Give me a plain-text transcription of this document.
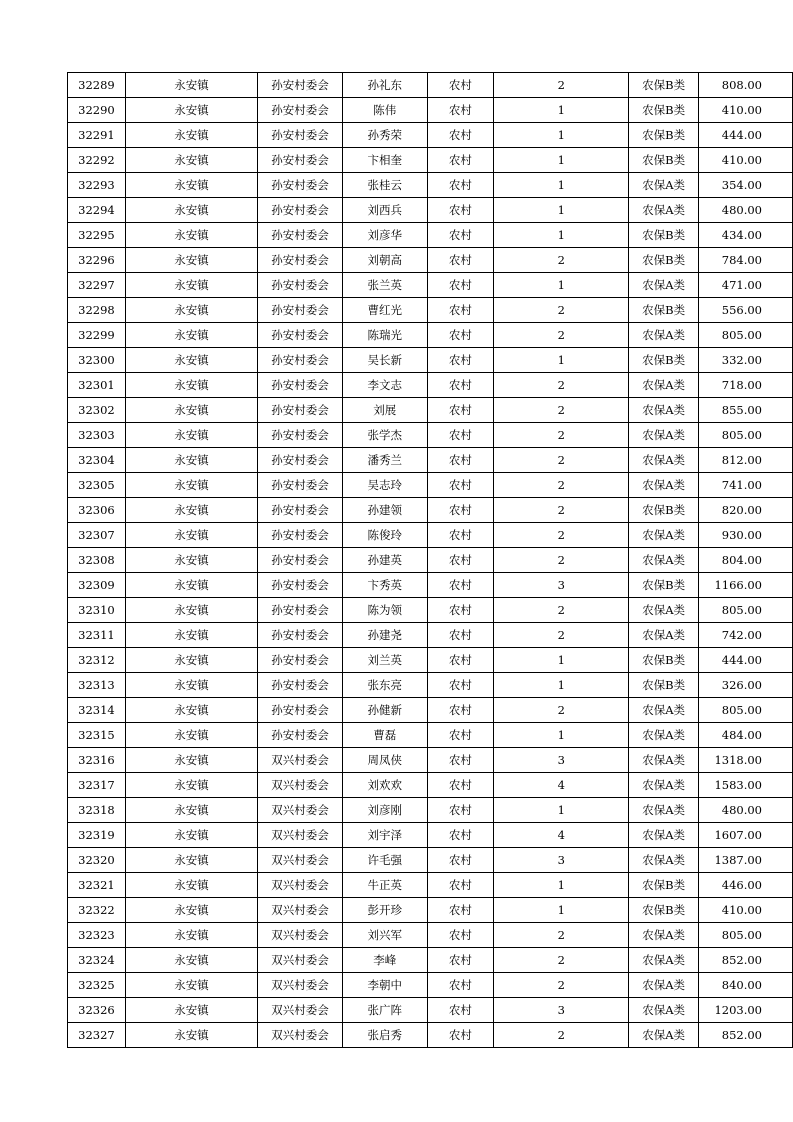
32289	永安镇	孙安村委会	孙礼东	农村	2	农保B类	808.00
32290	永安镇	孙安村委会	陈伟	农村	1	农保B类	410.00
32291	永安镇	孙安村委会	孙秀荣	农村	1	农保B类	444.00
32292	永安镇	孙安村委会	卞相奎	农村	1	农保B类	410.00
32293	永安镇	孙安村委会	张桂云	农村	1	农保A类	354.00
32294	永安镇	孙安村委会	刘西兵	农村	1	农保A类	480.00
32295	永安镇	孙安村委会	刘彦华	农村	1	农保B类	434.00
32296	永安镇	孙安村委会	刘朝高	农村	2	农保B类	784.00
32297	永安镇	孙安村委会	张兰英	农村	1	农保A类	471.00
32298	永安镇	孙安村委会	曹红光	农村	2	农保B类	556.00
32299	永安镇	孙安村委会	陈瑞光	农村	2	农保A类	805.00
32300	永安镇	孙安村委会	吴长新	农村	1	农保B类	332.00
32301	永安镇	孙安村委会	李文志	农村	2	农保A类	718.00
32302	永安镇	孙安村委会	刘展	农村	2	农保A类	855.00
32303	永安镇	孙安村委会	张学杰	农村	2	农保A类	805.00
32304	永安镇	孙安村委会	潘秀兰	农村	2	农保A类	812.00
32305	永安镇	孙安村委会	吴志玲	农村	2	农保A类	741.00
32306	永安镇	孙安村委会	孙建领	农村	2	农保B类	820.00
32307	永安镇	孙安村委会	陈俊玲	农村	2	农保A类	930.00
32308	永安镇	孙安村委会	孙建英	农村	2	农保A类	804.00
32309	永安镇	孙安村委会	卞秀英	农村	3	农保B类	1166.00
32310	永安镇	孙安村委会	陈为领	农村	2	农保A类	805.00
32311	永安镇	孙安村委会	孙建尧	农村	2	农保A类	742.00
32312	永安镇	孙安村委会	刘兰英	农村	1	农保B类	444.00
32313	永安镇	孙安村委会	张东亮	农村	1	农保B类	326.00
32314	永安镇	孙安村委会	孙健新	农村	2	农保A类	805.00
32315	永安镇	孙安村委会	曹磊	农村	1	农保A类	484.00
32316	永安镇	双兴村委会	周凤侠	农村	3	农保A类	1318.00
32317	永安镇	双兴村委会	刘欢欢	农村	4	农保A类	1583.00
32318	永安镇	双兴村委会	刘彦刚	农村	1	农保A类	480.00
32319	永安镇	双兴村委会	刘宇泽	农村	4	农保A类	1607.00
32320	永安镇	双兴村委会	许毛强	农村	3	农保A类	1387.00
32321	永安镇	双兴村委会	牛正英	农村	1	农保B类	446.00
32322	永安镇	双兴村委会	彭开珍	农村	1	农保B类	410.00
32323	永安镇	双兴村委会	刘兴军	农村	2	农保A类	805.00
32324	永安镇	双兴村委会	李峰	农村	2	农保A类	852.00
32325	永安镇	双兴村委会	李朝中	农村	2	农保A类	840.00
32326	永安镇	双兴村委会	张广阵	农村	3	农保A类	1203.00
32327	永安镇	双兴村委会	张启秀	农村	2	农保A类	852.00
